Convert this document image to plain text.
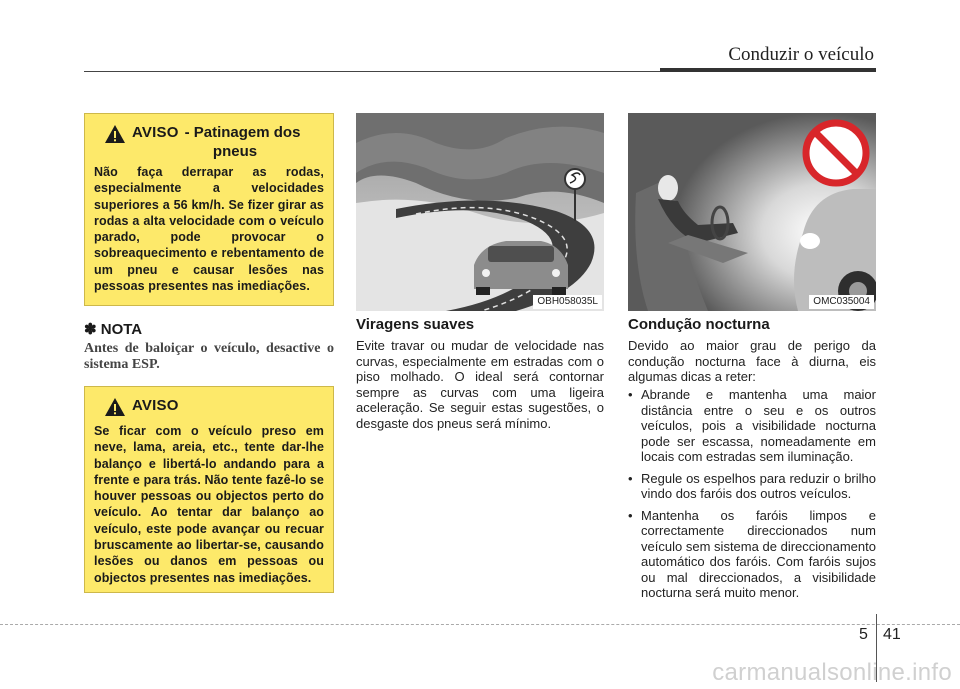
Conduzir o veículo
AVISO - Patinagem dos
pneus
Não faça derrapar as rodas, especialmente a velocidades superiores a 56 km/h. Se fizer girar as rodas a alta velocidade com o veículo parado, pode provocar o sobreaquecimento e rebentamento de um pneu e causar lesões nas pessoas presentes nas imediações.
✽ NOTA
Antes de baloiçar o veículo, desactive o sistema ESP.
AVISO
Se ficar com o veículo preso em neve, lama, areia, etc., tente dar-lhe balanço e libertá-lo andando para a frente e para trás. Não tente fazê-lo se houver pessoas ou objectos perto do veículo. Ao tentar dar balanço ao veículo, este pode avançar ou recuar bruscamente ao libertar-se, causando lesões ou danos em pessoas ou objectos presentes nas imediações.
OBH058035L	OMC035004
Viragens suaves
Evite travar ou mudar de velocidade nas curvas, especialmente em estradas com o piso molhado. O ideal será contornar sempre as curvas com uma ligeira aceleração. Se seguir estas sugestões, o desgaste dos pneus será mínimo.
Condução nocturna
Devido ao maior grau de perigo da condução nocturna face à diurna, eis algumas dicas a reter:
• Abrande e mantenha uma maior distância entre o seu e os outros veículos, pois a visibilidade nocturna pode ser escassa, nomeadamente em locais com estradas sem iluminação.
• Regule os espelhos para reduzir o brilho vindo dos faróis dos outros veículos.
• Mantenha os faróis limpos e correctamente direccionados num veículo sem sistema de direccionamento automático dos faróis. Com faróis sujos ou mal direccionados, a visibilidade nocturna será muito menor.
5 41
carmanualsonline.info
